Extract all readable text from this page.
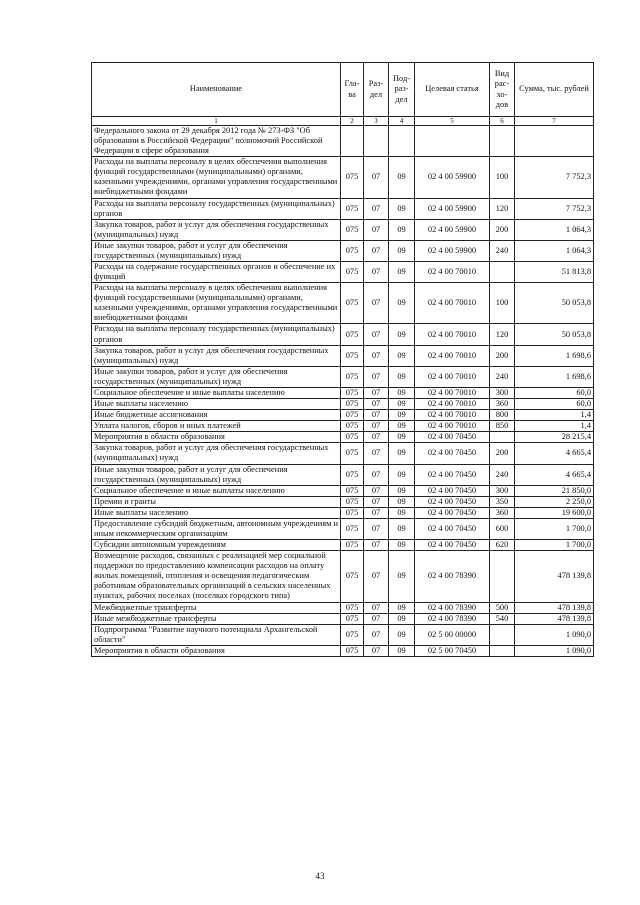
Наименование	Гла-ва	Раз-дел	Под-раз-дел	Целевая статья	Вид рас-хо-дов	Сумма, тыс. рублей
1	2	3	4	5	6	7
Федерального закона от 29 декабря 2012 года № 273-ФЗ "Об образовании в Российской Федерации" полномочий Российской Федерации в сфере образования						
Расходы на выплаты персоналу в целях обеспечения выполнения функций государственными (муниципальными) органами, казенными учреждениями, органами управления государственными внебюджетными фондами	075	07	09	02 4 00 59900	100	7 752,3
Расходы на выплаты персоналу государственных (муниципальных) органов	075	07	09	02 4 00 59900	120	7 752,3
Закупка товаров, работ и услуг для обеспечения государственных (муниципальных) нужд	075	07	09	02 4 00 59900	200	1 064,3
Иные закупки товаров, работ и услуг для обеспечения государственных (муниципальных) нужд	075	07	09	02 4 00 59900	240	1 064,3
Расходы на содержание государственных органов и обеспечение их функций	075	07	09	02 4 00 70010		51 813,8
Расходы на выплаты персоналу в целях обеспечения выполнения функций государственными (муниципальными) органами, казенными учреждениями, органами управления государственными внебюджетными фондами	075	07	09	02 4 00 70010	100	50 053,8
Расходы на выплаты персоналу государственных (муниципальных) органов	075	07	09	02 4 00 70010	120	50 053,8
Закупка товаров, работ и услуг для обеспечения государственных (муниципальных) нужд	075	07	09	02 4 00 70010	200	1 698,6
Иные закупки товаров, работ и услуг для обеспечения государственных (муниципальных) нужд	075	07	09	02 4 00 70010	240	1 698,6
Социальное обеспечение и иные выплаты населению	075	07	09	02 4 00 70010	300	60,0
Иные выплаты населению	075	07	09	02 4 00 70010	360	60,0
Иные бюджетные ассигнования	075	07	09	02 4 00 70010	800	1,4
Уплата налогов, сборов и иных платежей	075	07	09	02 4 00 70010	850	1,4
Мероприятия в области образования	075	07	09	02 4 00 70450		28 215,4
Закупка товаров, работ и услуг для обеспечения государственных (муниципальных) нужд	075	07	09	02 4 00 70450	200	4 665,4
Иные закупки товаров, работ и услуг для обеспечения государственных (муниципальных) нужд	075	07	09	02 4 00 70450	240	4 665,4
Социальное обеспечение и иные выплаты населению	075	07	09	02 4 00 70450	300	21 850,0
Премии и гранты	075	07	09	02 4 00 70450	350	2 250,0
Иные выплаты населению	075	07	09	02 4 00 70450	360	19 600,0
Предоставление субсидий бюджетным, автономным учреждениям и иным некоммерческим организациям	075	07	09	02 4 00 70450	600	1 700,0
Субсидии автономным учреждениям	075	07	09	02 4 00 70450	620	1 700,0
Возмещение расходов, связанных с реализацией мер социальной поддержки по предоставлению компенсации расходов на оплату жилых помещений, отопления и освещения педагогическим работникам образовательных организаций в сельских населенных пунктах, рабочих поселках (поселках городского типа)	075	07	09	02 4 00 78390		478 139,8
Межбюджетные трансферты	075	07	09	02 4 00 78390	500	478 139,8
Иные межбюджетные трансферты	075	07	09	02 4 00 78390	540	478 139,8
Подпрограмма "Развитие научного потенциала Архангельской области"	075	07	09	02 5 00 00000		1 090,0
Мероприятия в области образования	075	07	09	02 5 00 70450		1 090,0
43
